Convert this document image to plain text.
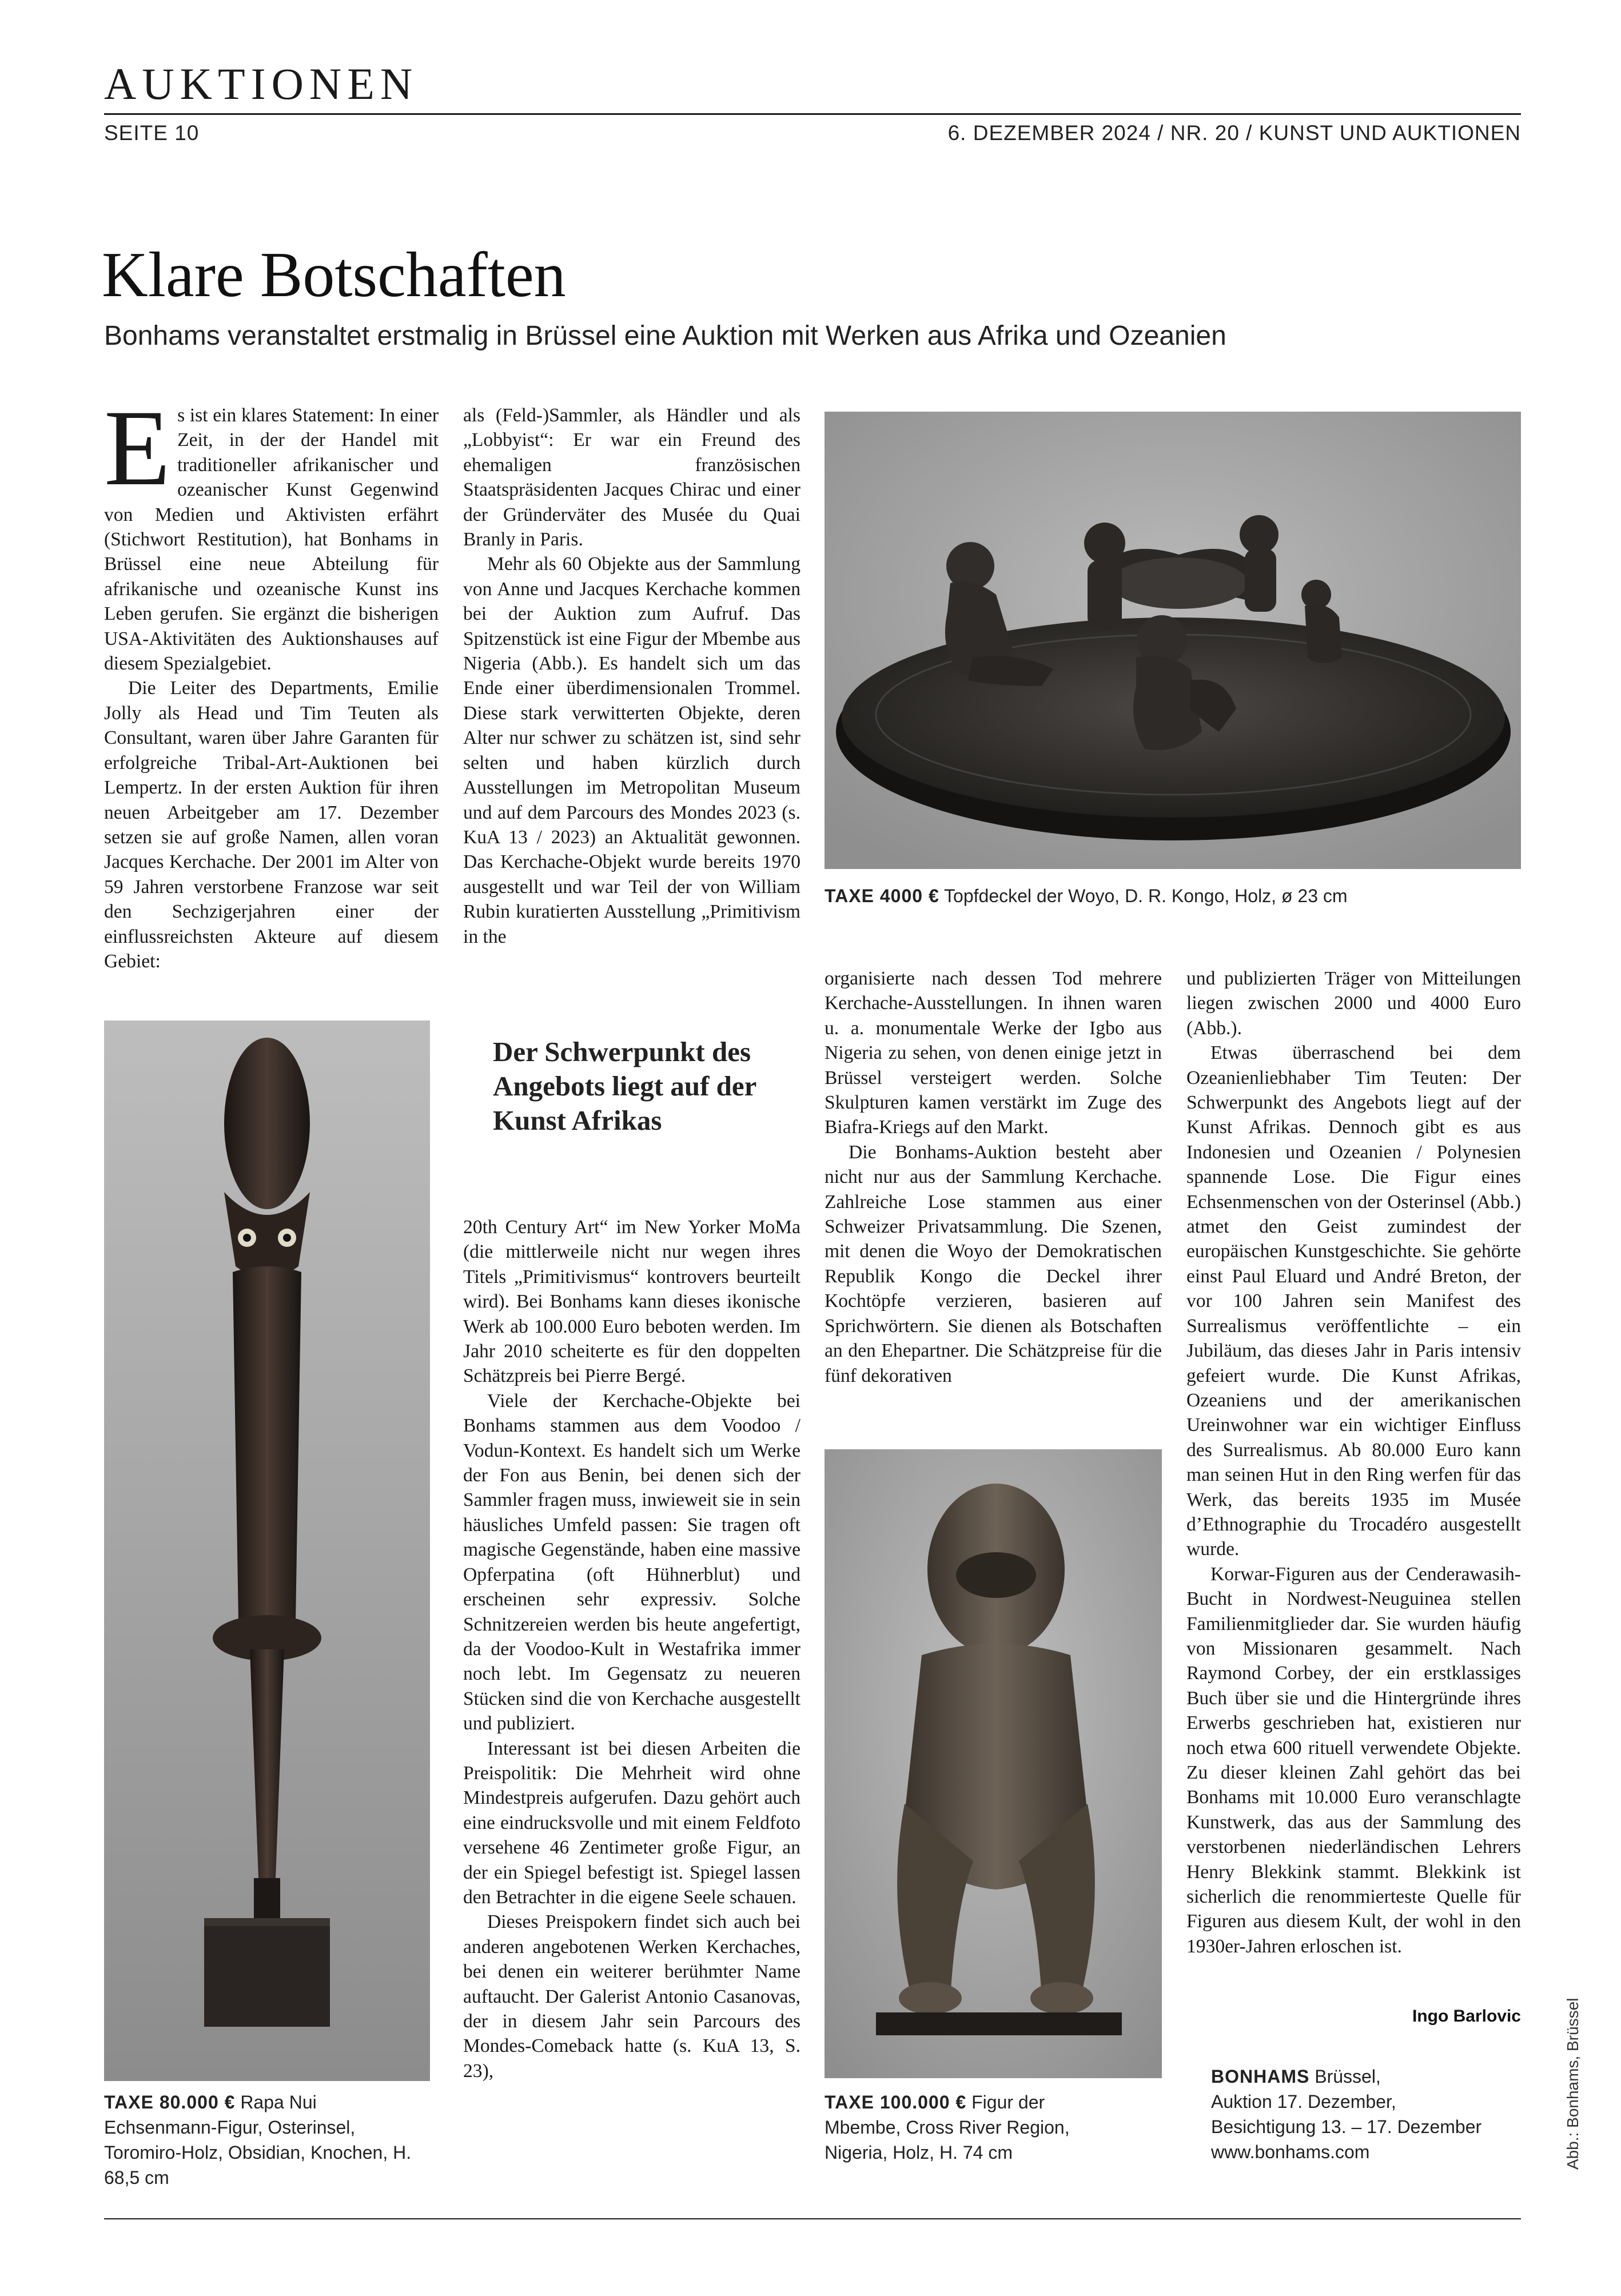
AUKTIONEN
SEITE 10	6. DEZEMBER 2024 / NR. 20 / KUNST UND AUKTIONEN
Klare Botschaften
Bonhams veranstaltet erstmalig in Brüssel eine Auktion mit Werken aus Afrika und Ozeanien

Es ist ein klares Statement: In einer Zeit, in der der Handel mit traditioneller afrikanischer und ozeanischer Kunst Gegenwind von Medien und Aktivisten erfährt (Stichwort Restitution), hat Bonhams in Brüssel eine neue Abteilung für afrikanische und ozeanische Kunst ins Leben gerufen. Sie ergänzt die bisherigen USA-Aktivitäten des Auktionshauses auf diesem Spezialgebiet.

Die Leiter des Departments, Emilie Jolly als Head und Tim Teuten als Consultant, waren über Jahre Garanten für erfolgreiche Tribal-Art-Auktionen bei Lempertz. In der ersten Auktion für ihren neuen Arbeitgeber am 17. Dezember setzen sie auf große Namen, allen voran Jacques Kerchache. Der 2001 im Alter von 59 Jahren verstorbene Franzose war seit den Sechzigerjahren einer der einflussreichsten Akteure auf diesem Gebiet:

als (Feld-)Sammler, als Händler und als „Lobbyist“: Er war ein Freund des ehemaligen französischen Staatspräsidenten Jacques Chirac und einer der Gründerväter des Musée du Quai Branly in Paris.

Mehr als 60 Objekte aus der Sammlung von Anne und Jacques Kerchache kommen bei der Auktion zum Aufruf. Das Spitzenstück ist eine Figur der Mbembe aus Nigeria (Abb.). Es handelt sich um das Ende einer überdimensionalen Trommel. Diese stark verwitterten Objekte, deren Alter nur schwer zu schätzen ist, sind sehr selten und haben kürzlich durch Ausstellungen im Metropolitan Museum und auf dem Parcours des Mondes 2023 (s. KuA 13 / 2023) an Aktualität gewonnen. Das Kerchache-Objekt wurde bereits 1970 ausgestellt und war Teil der von William Rubin kuratierten Ausstellung „Primitivism in the

TAXE 4000 € Topfdeckel der Woyo, D. R. Kongo, Holz, ø 23 cm
TAXE 80.000 € Rapa Nui Echsenmann-Figur, Osterinsel, Toromiro-Holz, Obsidian, Knochen, H. 68,5 cm
Der Schwerpunkt des Angebots liegt auf der Kunst Afrikas

20th Century Art“ im New Yorker MoMa (die mittlerweile nicht nur wegen ihres Titels „Primitivismus“ kontrovers beurteilt wird). Bei Bonhams kann dieses ikonische Werk ab 100.000 Euro beboten werden. Im Jahr 2010 scheiterte es für den doppelten Schätzpreis bei Pierre Bergé.

Viele der Kerchache-Objekte bei Bonhams stammen aus dem Voodoo / Vodun-Kontext. Es handelt sich um Werke der Fon aus Benin, bei denen sich der Sammler fragen muss, inwieweit sie in sein häusliches Umfeld passen: Sie tragen oft magische Gegenstände, haben eine massive Opferpatina (oft Hühnerblut) und erscheinen sehr expressiv. Solche Schnitzereien werden bis heute angefertigt, da der Voodoo-Kult in Westafrika immer noch lebt. Im Gegensatz zu neueren Stücken sind die von Kerchache ausgestellt und publiziert.

Interessant ist bei diesen Arbeiten die Preispolitik: Die Mehrheit wird ohne Mindestpreis aufgerufen. Dazu gehört auch eine eindrucksvolle und mit einem Feldfoto versehene 46 Zentimeter große Figur, an der ein Spiegel befestigt ist. Spiegel lassen den Betrachter in die eigene Seele schauen.

Dieses Preispokern findet sich auch bei anderen angebotenen Werken Kerchaches, bei denen ein weiterer berühmter Name auftaucht. Der Galerist Antonio Casanovas, der in diesem Jahr sein Parcours des Mondes-Comeback hatte (s. KuA 13, S. 23),

organisierte nach dessen Tod mehrere Kerchache-Ausstellungen. In ihnen waren u. a. monumentale Werke der Igbo aus Nigeria zu sehen, von denen einige jetzt in Brüssel versteigert werden. Solche Skulpturen kamen verstärkt im Zuge des Biafra-Kriegs auf den Markt.

Die Bonhams-Auktion besteht aber nicht nur aus der Sammlung Kerchache. Zahlreiche Lose stammen aus einer Schweizer Privatsammlung. Die Szenen, mit denen die Woyo der Demokratischen Republik Kongo die Deckel ihrer Kochtöpfe verzieren, basieren auf Sprichwörtern. Sie dienen als Botschaften an den Ehepartner. Die Schätzpreise für die fünf dekorativen

TAXE 100.000 € Figur der Mbembe, Cross River Region, Nigeria, Holz, H. 74 cm

und publizierten Träger von Mitteilungen liegen zwischen 2000 und 4000 Euro (Abb.).

Etwas überraschend bei dem Ozeanienliebhaber Tim Teuten: Der Schwerpunkt des Angebots liegt auf der Kunst Afrikas. Dennoch gibt es aus Indonesien und Ozeanien / Polynesien spannende Lose. Die Figur eines Echsenmenschen von der Osterinsel (Abb.) atmet den Geist zumindest der europäischen Kunstgeschichte. Sie gehörte einst Paul Eluard und André Breton, der vor 100 Jahren sein Manifest des Surrealismus veröffentlichte – ein Jubiläum, das dieses Jahr in Paris intensiv gefeiert wurde. Die Kunst Afrikas, Ozeaniens und der amerikanischen Ureinwohner war ein wichtiger Einfluss des Surrealismus. Ab 80.000 Euro kann man seinen Hut in den Ring werfen für das Werk, das bereits 1935 im Musée d’Ethnographie du Trocadéro ausgestellt wurde.

Korwar-Figuren aus der Cenderawasih-Bucht in Nordwest-Neuguinea stellen Familienmitglieder dar. Sie wurden häufig von Missionaren gesammelt. Nach Raymond Corbey, der ein erstklassiges Buch über sie und die Hintergründe ihres Erwerbs geschrieben hat, existieren nur noch etwa 600 rituell verwendete Objekte. Zu dieser kleinen Zahl gehört das bei Bonhams mit 10.000 Euro veranschlagte Kunstwerk, das aus der Sammlung des verstorbenen niederländischen Lehrers Henry Blekkink stammt. Blekkink ist sicherlich die renommierteste Quelle für Figuren aus diesem Kult, der wohl in den 1930er-Jahren erloschen ist.

Ingo Barlovic
BONHAMS Brüssel,
Auktion 17. Dezember,
Besichtigung 13. – 17. Dezember
www.bonhams.com	Abb.: Bonhams, Brüssel
